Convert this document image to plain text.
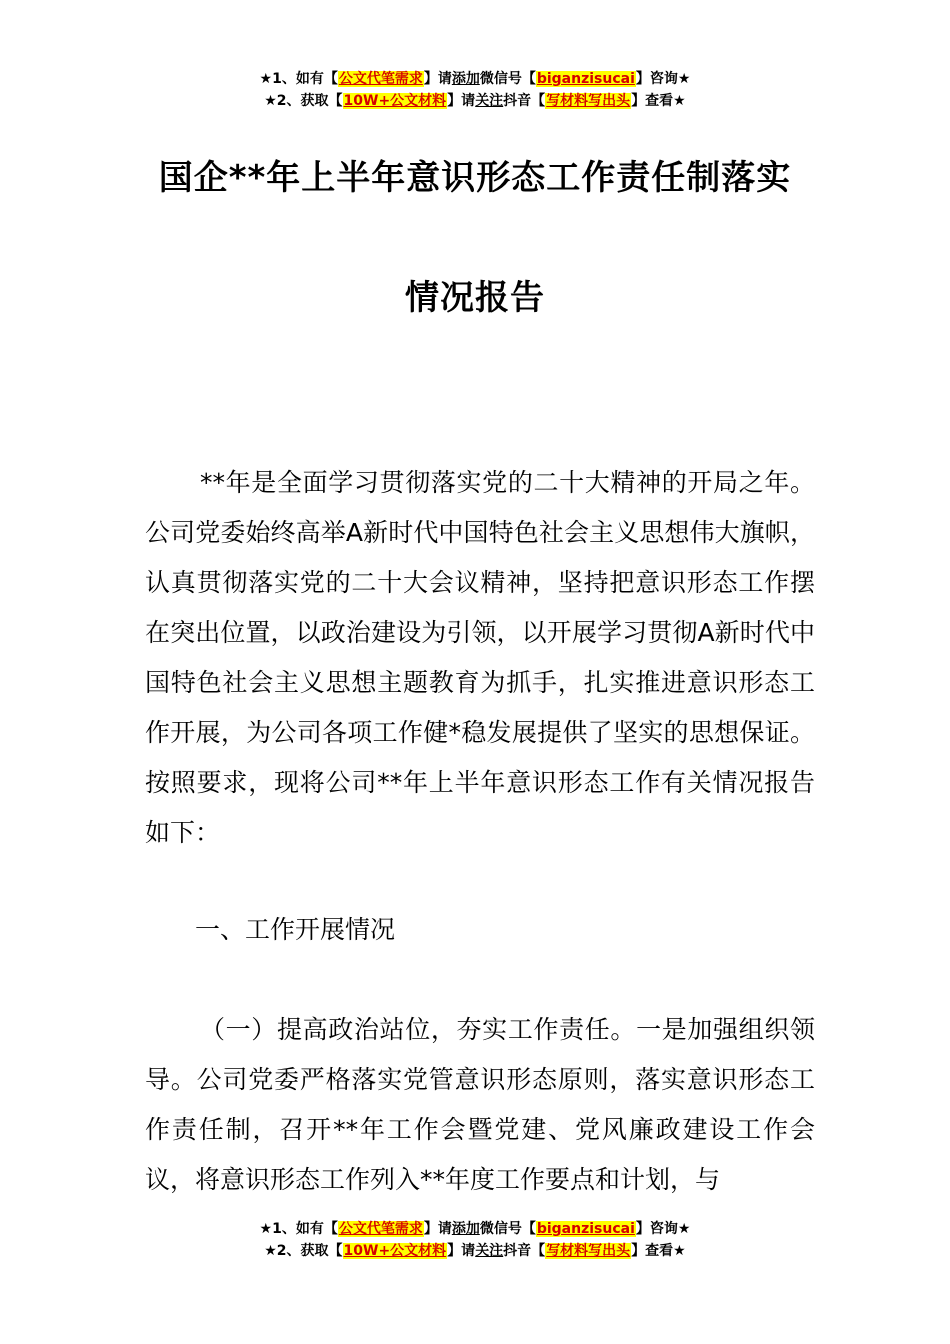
★1、如有【公文代笔需求】请添加微信号【biganzisucai】咨询★
★2、获取【10W+公文材料】请关注抖音【写材料写出头】查看★
国企**年上半年意识形态工作责任制落实
情况报告

**年是全面学习贯彻落实党的二十大精神的开局之年。公司党委始终高举A新时代中国特色社会主义思想伟大旗帜，认真贯彻落实党的二十大会议精神，坚持把意识形态工作摆在突出位置，以政治建设为引领，以开展学习贯彻A新时代中国特色社会主义思想主题教育为抓手，扎实推进意识形态工作开展，为公司各项工作健*稳发展提供了坚实的思想保证。按照要求，现将公司**年上半年意识形态工作有关情况报告如下：

一、工作开展情况

（一）提高政治站位，夯实工作责任。一是加强组织领导。公司党委严格落实党管意识形态原则，落实意识形态工作责任制，召开**年工作会暨党建、党风廉政建设工作会议，将意识形态工作列入**年度工作要点和计划，与

★1、如有【公文代笔需求】请添加微信号【biganzisucai】咨询★
★2、获取【10W+公文材料】请关注抖音【写材料写出头】查看★
